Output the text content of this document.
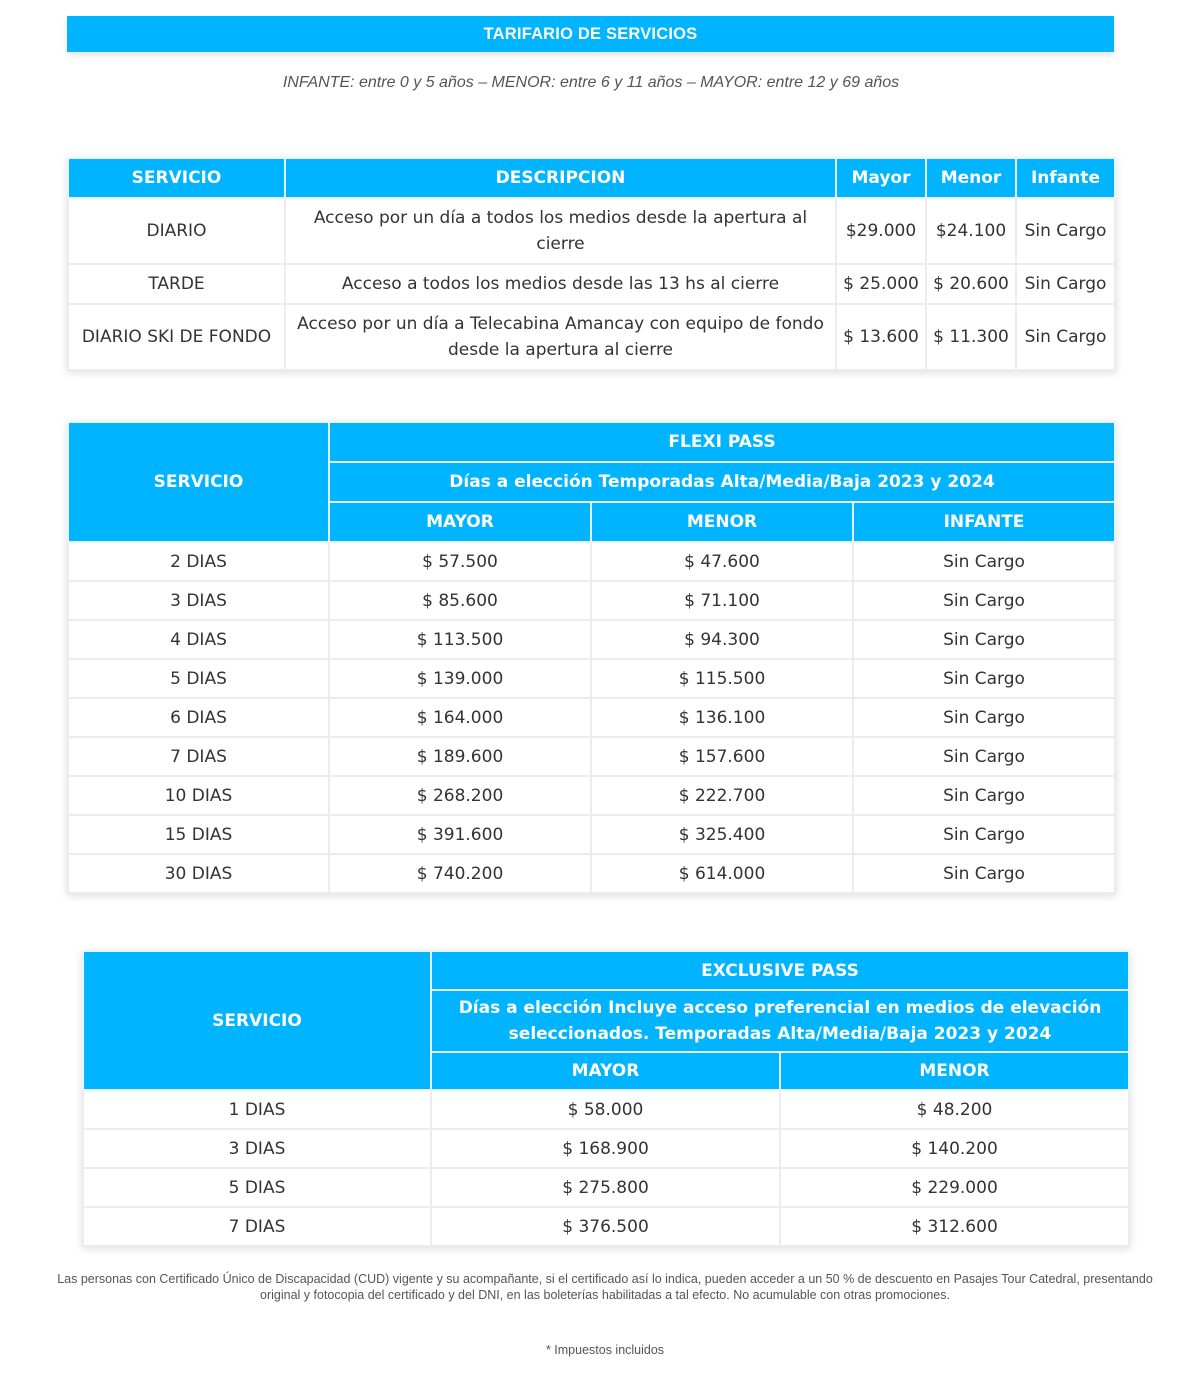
TARIFARIO DE SERVICIOS
INFANTE: entre 0 y 5 años – MENOR: entre 6 y 11 años – MAYOR: entre 12 y 69 años
SERVICIO	DESCRIPCION	Mayor	Menor	Infante
DIARIO	Acceso por un día a todos los medios desde la apertura al cierre	$29.000	$24.100	Sin Cargo
TARDE	Acceso a todos los medios desde las 13 hs al cierre	$ 25.000	$ 20.600	Sin Cargo
DIARIO SKI DE FONDO	Acceso por un día a Telecabina Amancay con equipo de fondo desde la apertura al cierre	$ 13.600	$ 11.300	Sin Cargo
SERVICIO	FLEXI PASS		
	Días a elección Temporadas Alta/Media/Baja 2023 y 2024		
	MAYOR	MENOR	INFANTE
2 DIAS	$ 57.500	$ 47.600	Sin Cargo
3 DIAS	$ 85.600	$ 71.100	Sin Cargo
4 DIAS	$ 113.500	$ 94.300	Sin Cargo
5 DIAS	$ 139.000	$ 115.500	Sin Cargo
6 DIAS	$ 164.000	$ 136.100	Sin Cargo
7 DIAS	$ 189.600	$ 157.600	Sin Cargo
10 DIAS	$ 268.200	$ 222.700	Sin Cargo
15 DIAS	$ 391.600	$ 325.400	Sin Cargo
30 DIAS	$ 740.200	$ 614.000	Sin Cargo
SERVICIO	EXCLUSIVE PASS	
	Días a elección Incluye acceso preferencial en medios de elevación seleccionados. Temporadas Alta/Media/Baja 2023 y 2024	
	MAYOR	MENOR
1 DIAS	$ 58.000	$ 48.200
3 DIAS	$ 168.900	$ 140.200
5 DIAS	$ 275.800	$ 229.000
7 DIAS	$ 376.500	$ 312.600
Las personas con Certificado Único de Discapacidad (CUD) vigente y su acompañante, si el certificado así lo indica, pueden acceder a un 50 % de descuento en Pasajes Tour Catedral, presentando
original y fotocopia del certificado y del DNI, en las boleterías habilitadas a tal efecto. No acumulable con otras promociones.
* Impuestos incluidos
